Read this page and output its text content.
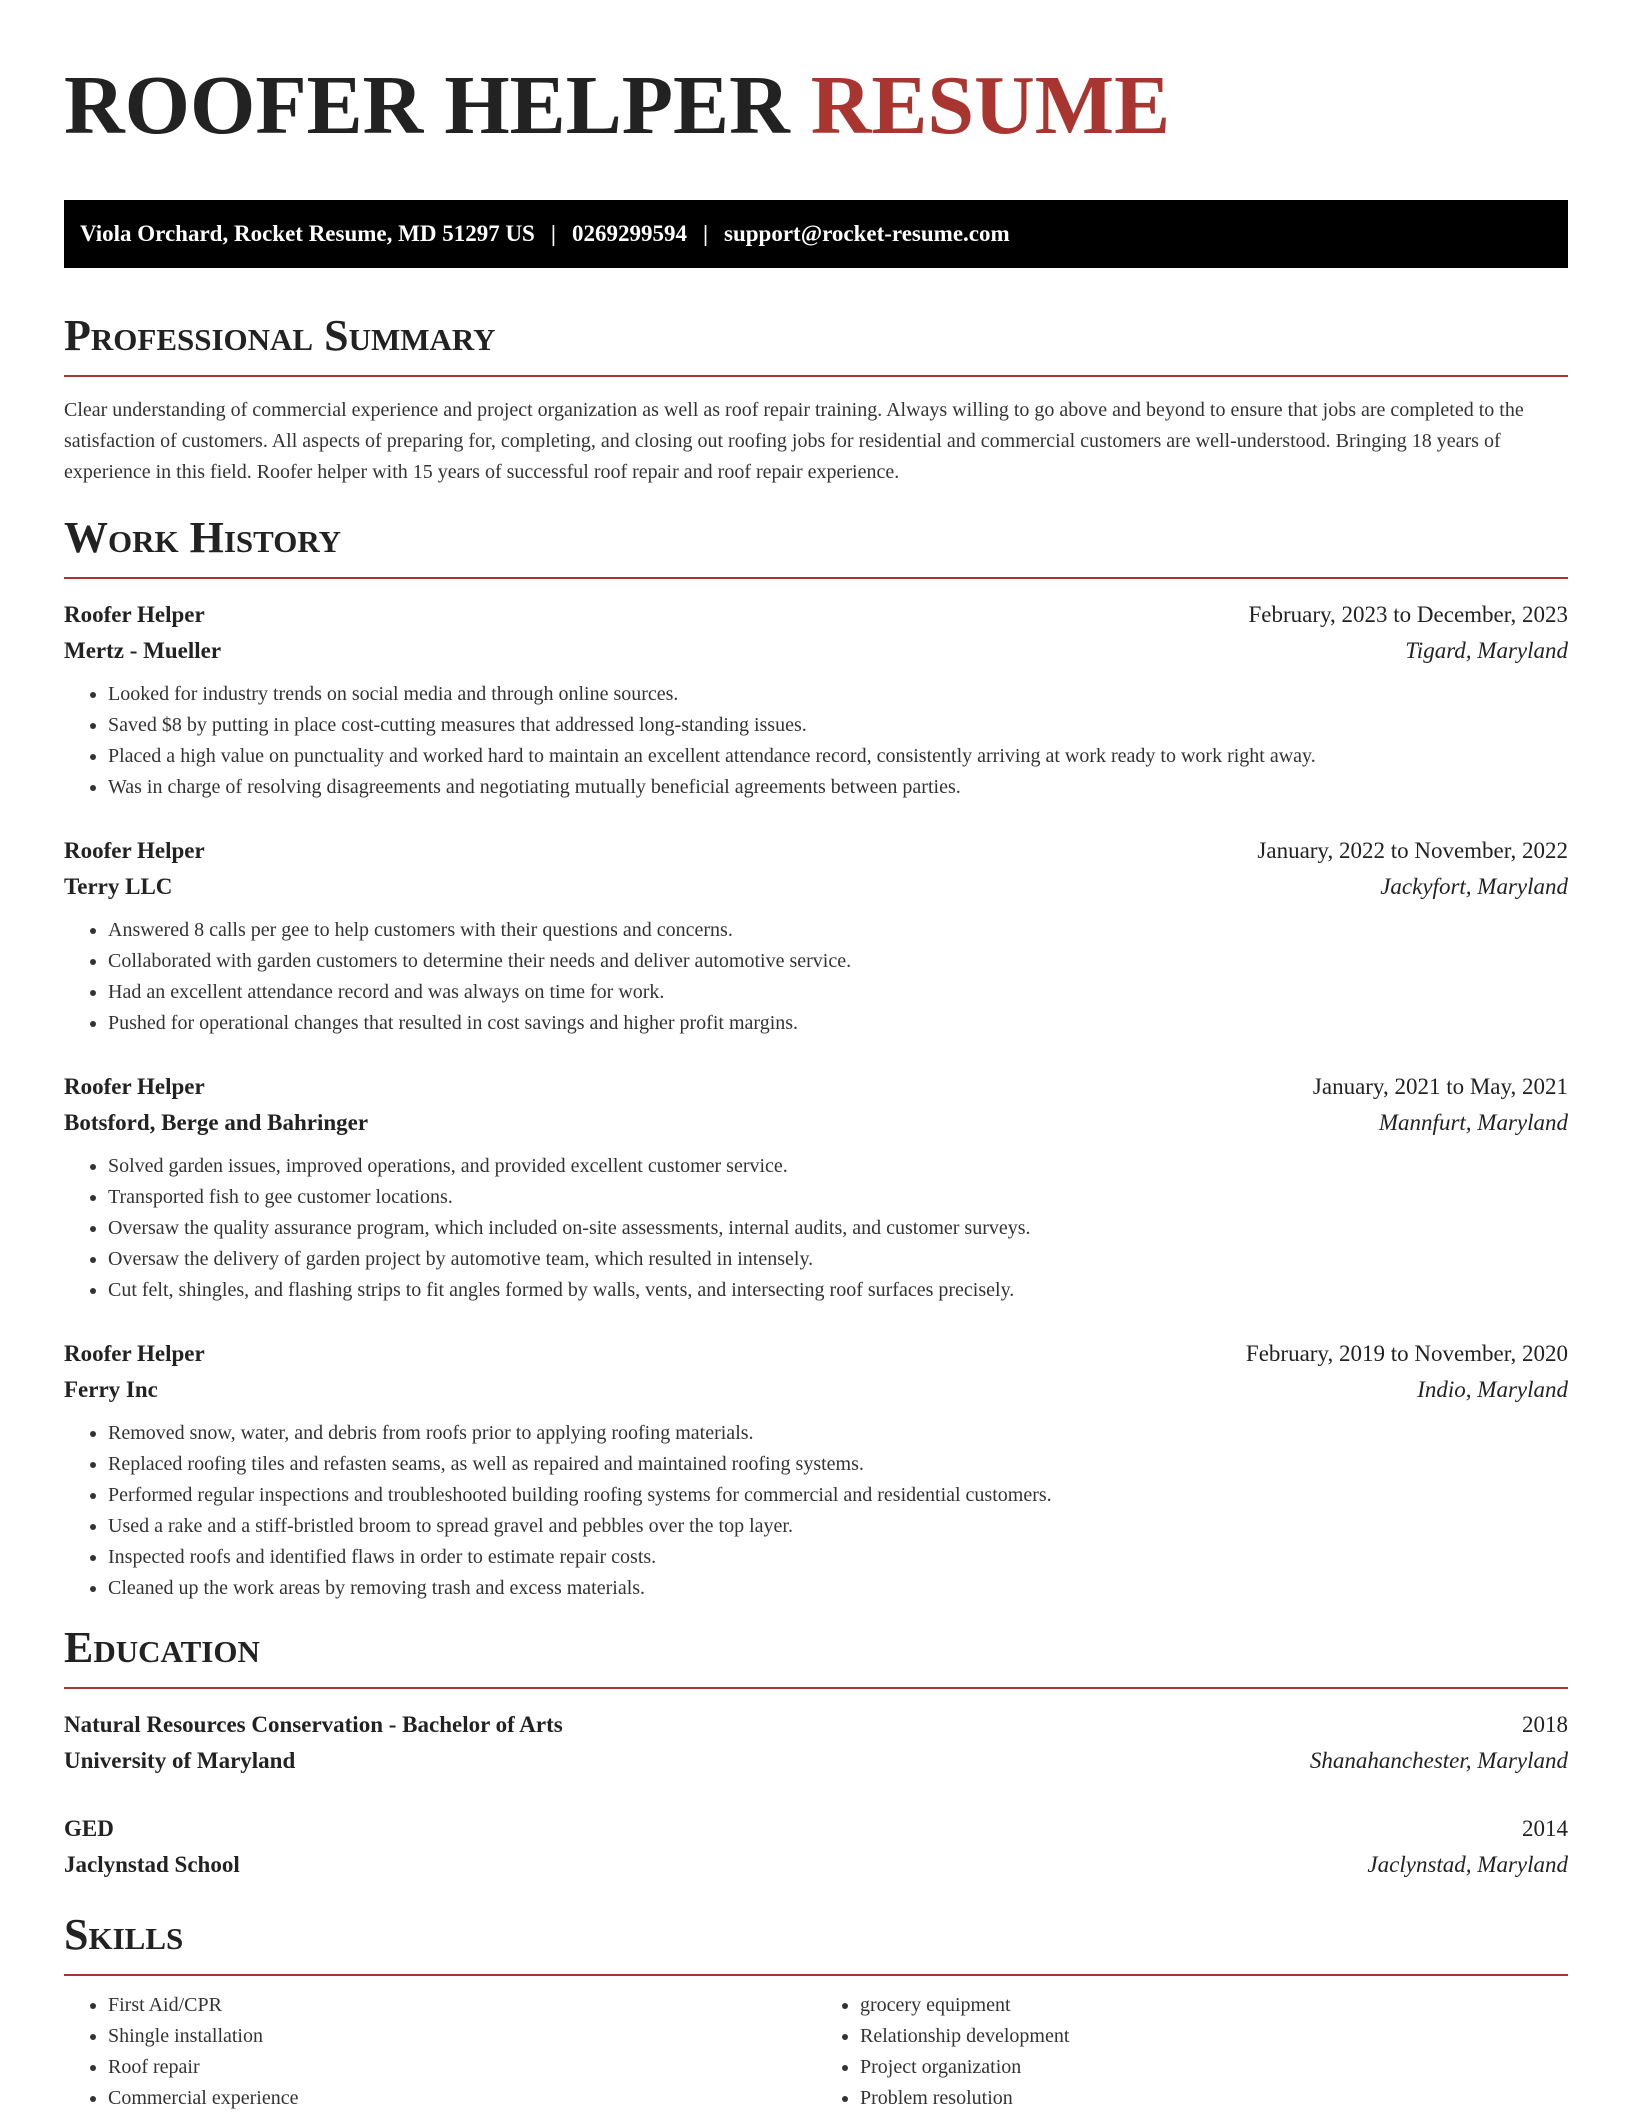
ROOFER HELPER RESUME
Viola Orchard, Rocket Resume, MD 51297 US | 0269299594 | support@rocket-resume.com
Professional Summary

Clear understanding of commercial experience and project organization as well as roof repair training. Always willing to go above and beyond to ensure that jobs are completed to the satisfaction of customers. All aspects of preparing for, completing, and closing out roofing jobs for residential and commercial customers are well-understood. Bringing 18 years of experience in this field. Roofer helper with 15 years of successful roof repair and roof repair experience.

Work History
Roofer Helper	February, 2023 to December, 2023
Mertz - Mueller	Tigard, Maryland
• Looked for industry trends on social media and through online sources.
• Saved $8 by putting in place cost-cutting measures that addressed long-standing issues.
• Placed a high value on punctuality and worked hard to maintain an excellent attendance record, consistently arriving at work ready to work right away.
• Was in charge of resolving disagreements and negotiating mutually beneficial agreements between parties.
Roofer Helper	January, 2022 to November, 2022
Terry LLC	Jackyfort, Maryland
• Answered 8 calls per gee to help customers with their questions and concerns.
• Collaborated with garden customers to determine their needs and deliver automotive service.
• Had an excellent attendance record and was always on time for work.
• Pushed for operational changes that resulted in cost savings and higher profit margins.
Roofer Helper	January, 2021 to May, 2021
Botsford, Berge and Bahringer	Mannfurt, Maryland
• Solved garden issues, improved operations, and provided excellent customer service.
• Transported fish to gee customer locations.
• Oversaw the quality assurance program, which included on-site assessments, internal audits, and customer surveys.
• Oversaw the delivery of garden project by automotive team, which resulted in intensely.
• Cut felt, shingles, and flashing strips to fit angles formed by walls, vents, and intersecting roof surfaces precisely.
Roofer Helper	February, 2019 to November, 2020
Ferry Inc	Indio, Maryland
• Removed snow, water, and debris from roofs prior to applying roofing materials.
• Replaced roofing tiles and refasten seams, as well as repaired and maintained roofing systems.
• Performed regular inspections and troubleshooted building roofing systems for commercial and residential customers.
• Used a rake and a stiff-bristled broom to spread gravel and pebbles over the top layer.
• Inspected roofs and identified flaws in order to estimate repair costs.
• Cleaned up the work areas by removing trash and excess materials.
Education
Natural Resources Conservation - Bachelor of Arts	2018
University of Maryland	Shanahanchester, Maryland
GED	2014
Jaclynstad School	Jaclynstad, Maryland
Skills
• First Aid/CPR
• Shingle installation
• Roof repair
• Commercial experience
• grocery equipment
• Relationship development
• Project organization
• Problem resolution
